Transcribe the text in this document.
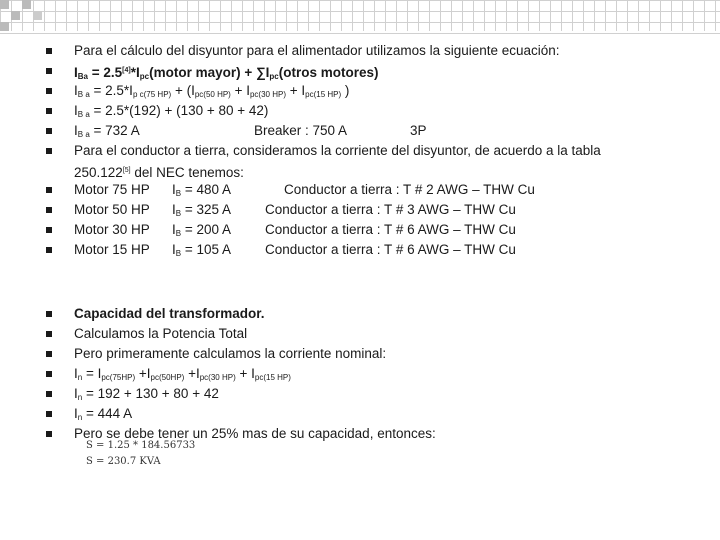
Para el cálculo del disyuntor para el alimentador utilizamos la siguiente ecuación:
$I_{Ba}$ = $2.5[4]*I_{pc}(motor$ mayor) + $\sum I_{pc}(otros$ motores)
$I_{B a} = 2.5*I_{p c(75 HP)} + (I_{pc(50 HP)} + I_{pc(30 HP)} + I_{pc(15 HP)}$ )
$I_{B a} = 2.5*(192) + (130 + 80 + 42)$
$I_{B a} = 732$ A	Breaker : 750 A	3P
Para el conductor a tierra, consideramos la corriente del disyuntor, de acuerdo a la tabla
250.122[5] del NEC tenemos:
Motor 75 HP $I_B = 480$ A	Conductor a tierra : T # 2 AWG – THW Cu
Motor 50 HP $I_B = 325$ A	Conductor a tierra : T # 3 AWG – THW Cu
Motor 30 HP $I_B = 200$ A	Conductor a tierra : T # 6 AWG – THW Cu
Motor 15 HP $I_B = 105$ A	Conductor a tierra : T # 6 AWG – THW Cu
Capacidad del transformador.
Calculamos la Potencia Total
Pero primeramente calculamos la corriente nominal:
$I_n = I_{pc(75HP)} +I_{pc(50HP)} +I_{pc(30 HP)} + I_{pc(15 HP)}$
$I_n = 192 + 130 + 80 + 42$
$I_n = 444$ A
Pero se debe tener un 25% mas de su capacidad, entonces:
S = 1.25 * 184.56733
S = 230.7 KVA
